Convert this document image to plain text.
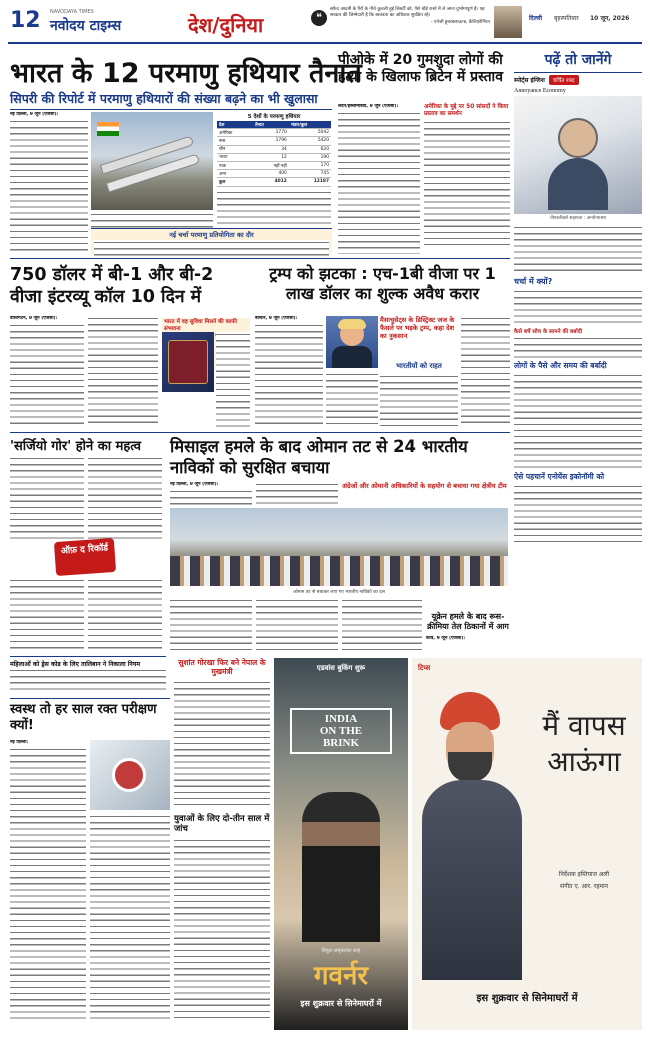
12	NAVODAYA TIMES
नवोदय टाइम्स	देश/दुनिया	❝
सफ़ेद आदमी के पैरों के नीचे कुचली हुई लिबर्टी को, ऐसे चौड़े रास्ते में ले जाना दुर्भाग्यपूर्ण है। यह सरकार की जिम्मेदारी है कि स्वतंत्रता का अधिकार सुरक्षित रहे।
- एनेजी हूबरबलाऊन्ड, कैलिफ़ोर्नियन
दिल्ली बृहस्पतिवार 10 जून, 2026
भारत के 12 परमाणु हथियार तैनात
सिपरी की रिपोर्ट में परमाणु हथियारों की संख्या बढ़ने का भी खुलासा
नई दिल्ली, 9 जून (एजेंसी):	5 देशों के परमाणु हथियार
देश	तैनात	भंडार/कुल
अमेरिका	1770	5042
रूस	1796	5420
चीन	34	620
भारत	12	190
पाक	नहीं नहीं	170
अन्य	400	745
कुल	4012	12187
नई चर्चा परमाणु प्रतियोगिता का दौर
पीओके में 20 गुमशुदा लोगों की हत्या के खिलाफ ब्रिटेन में प्रस्ताव
लंदन/इस्लामाबाद, 9 जून (एजेंसी):	अमेरिका के मुद्दे पर 50 सांसदों ने किया प्रस्ताव का समर्थन
पढ़ें तो जानेंगे
स्पोर्ट्स इंग्लिश	चर्चित शब्द
Annoyance Economy
चीयरलीडर्स सहायता : अन्योन्याश्रय
चर्चा में क्यों?
कैसे बचें सोच के सामने की बर्बादी
लोगों के पैसे और समय की बर्बादी
ऐसे पहचानें एनोयेंस इकोनॉमी को
750 डॉलर में बी-1 और बी-2 वीजा इंटरव्यू कॉल 10 दिन में
वॉशिंगटन, 9 जून (एजेंसी):
भारत में वह सुविधा मिलने की काफी संभावना
ट्रम्प को झटका : एच-1बी वीजा पर 1 लाख डॉलर का शुल्क अवैध करार
बोस्टन, 9 जून (एजेंसी):	मैसाचुसेट्स के डिस्ट्रिक्ट जज के फैसले पर भड़के ट्रम्प, कहा देश का नुकसान
भारतीयों को राहत
'सर्जियो गोर' होने का महत्व
ऑफ़ द रिकॉर्ड
महिलाओं को ड्रेस कोड के लिए तालिबान ने निकाला नियम
मिसाइल हमले के बाद ओमान तट से 24 भारतीय नाविकों को सुरक्षित बचाया
नई दिल्ली, 9 जून (एजेंसी):	अंग्रेजों और ओमानी अधिकारियों के सहयोग से बचाया गया क्षेत्रीय टीम
ओमान तट से बचाकर लाए गए भारतीय नाविकों का दल
यूक्रेन हमले के बाद रूस-क्रीमिया तेल ठिकानों में आग
कीव, 9 जून (एजेंसी):
स्वस्थ तो हर साल रक्त परीक्षण क्यों!
नई दिल्ली:
सुशांत गोरखा फिर बने नेपाल के मुखमंत्री
युवाओं के लिए दो-तीन साल में जांच
एडवांस बुकिंग शुरू
INDIA
ON THE
BRINK
विपुल अमृतलाल शाह
गवर्नर
इस शुक्रवार से सिनेमाघरों में
टिप्स
मैं वापस आऊंगा
निर्देशक इम्तियाज अली
संगीत ए. आर. रहमान
इस शुक्रवार से सिनेमाघरों में
